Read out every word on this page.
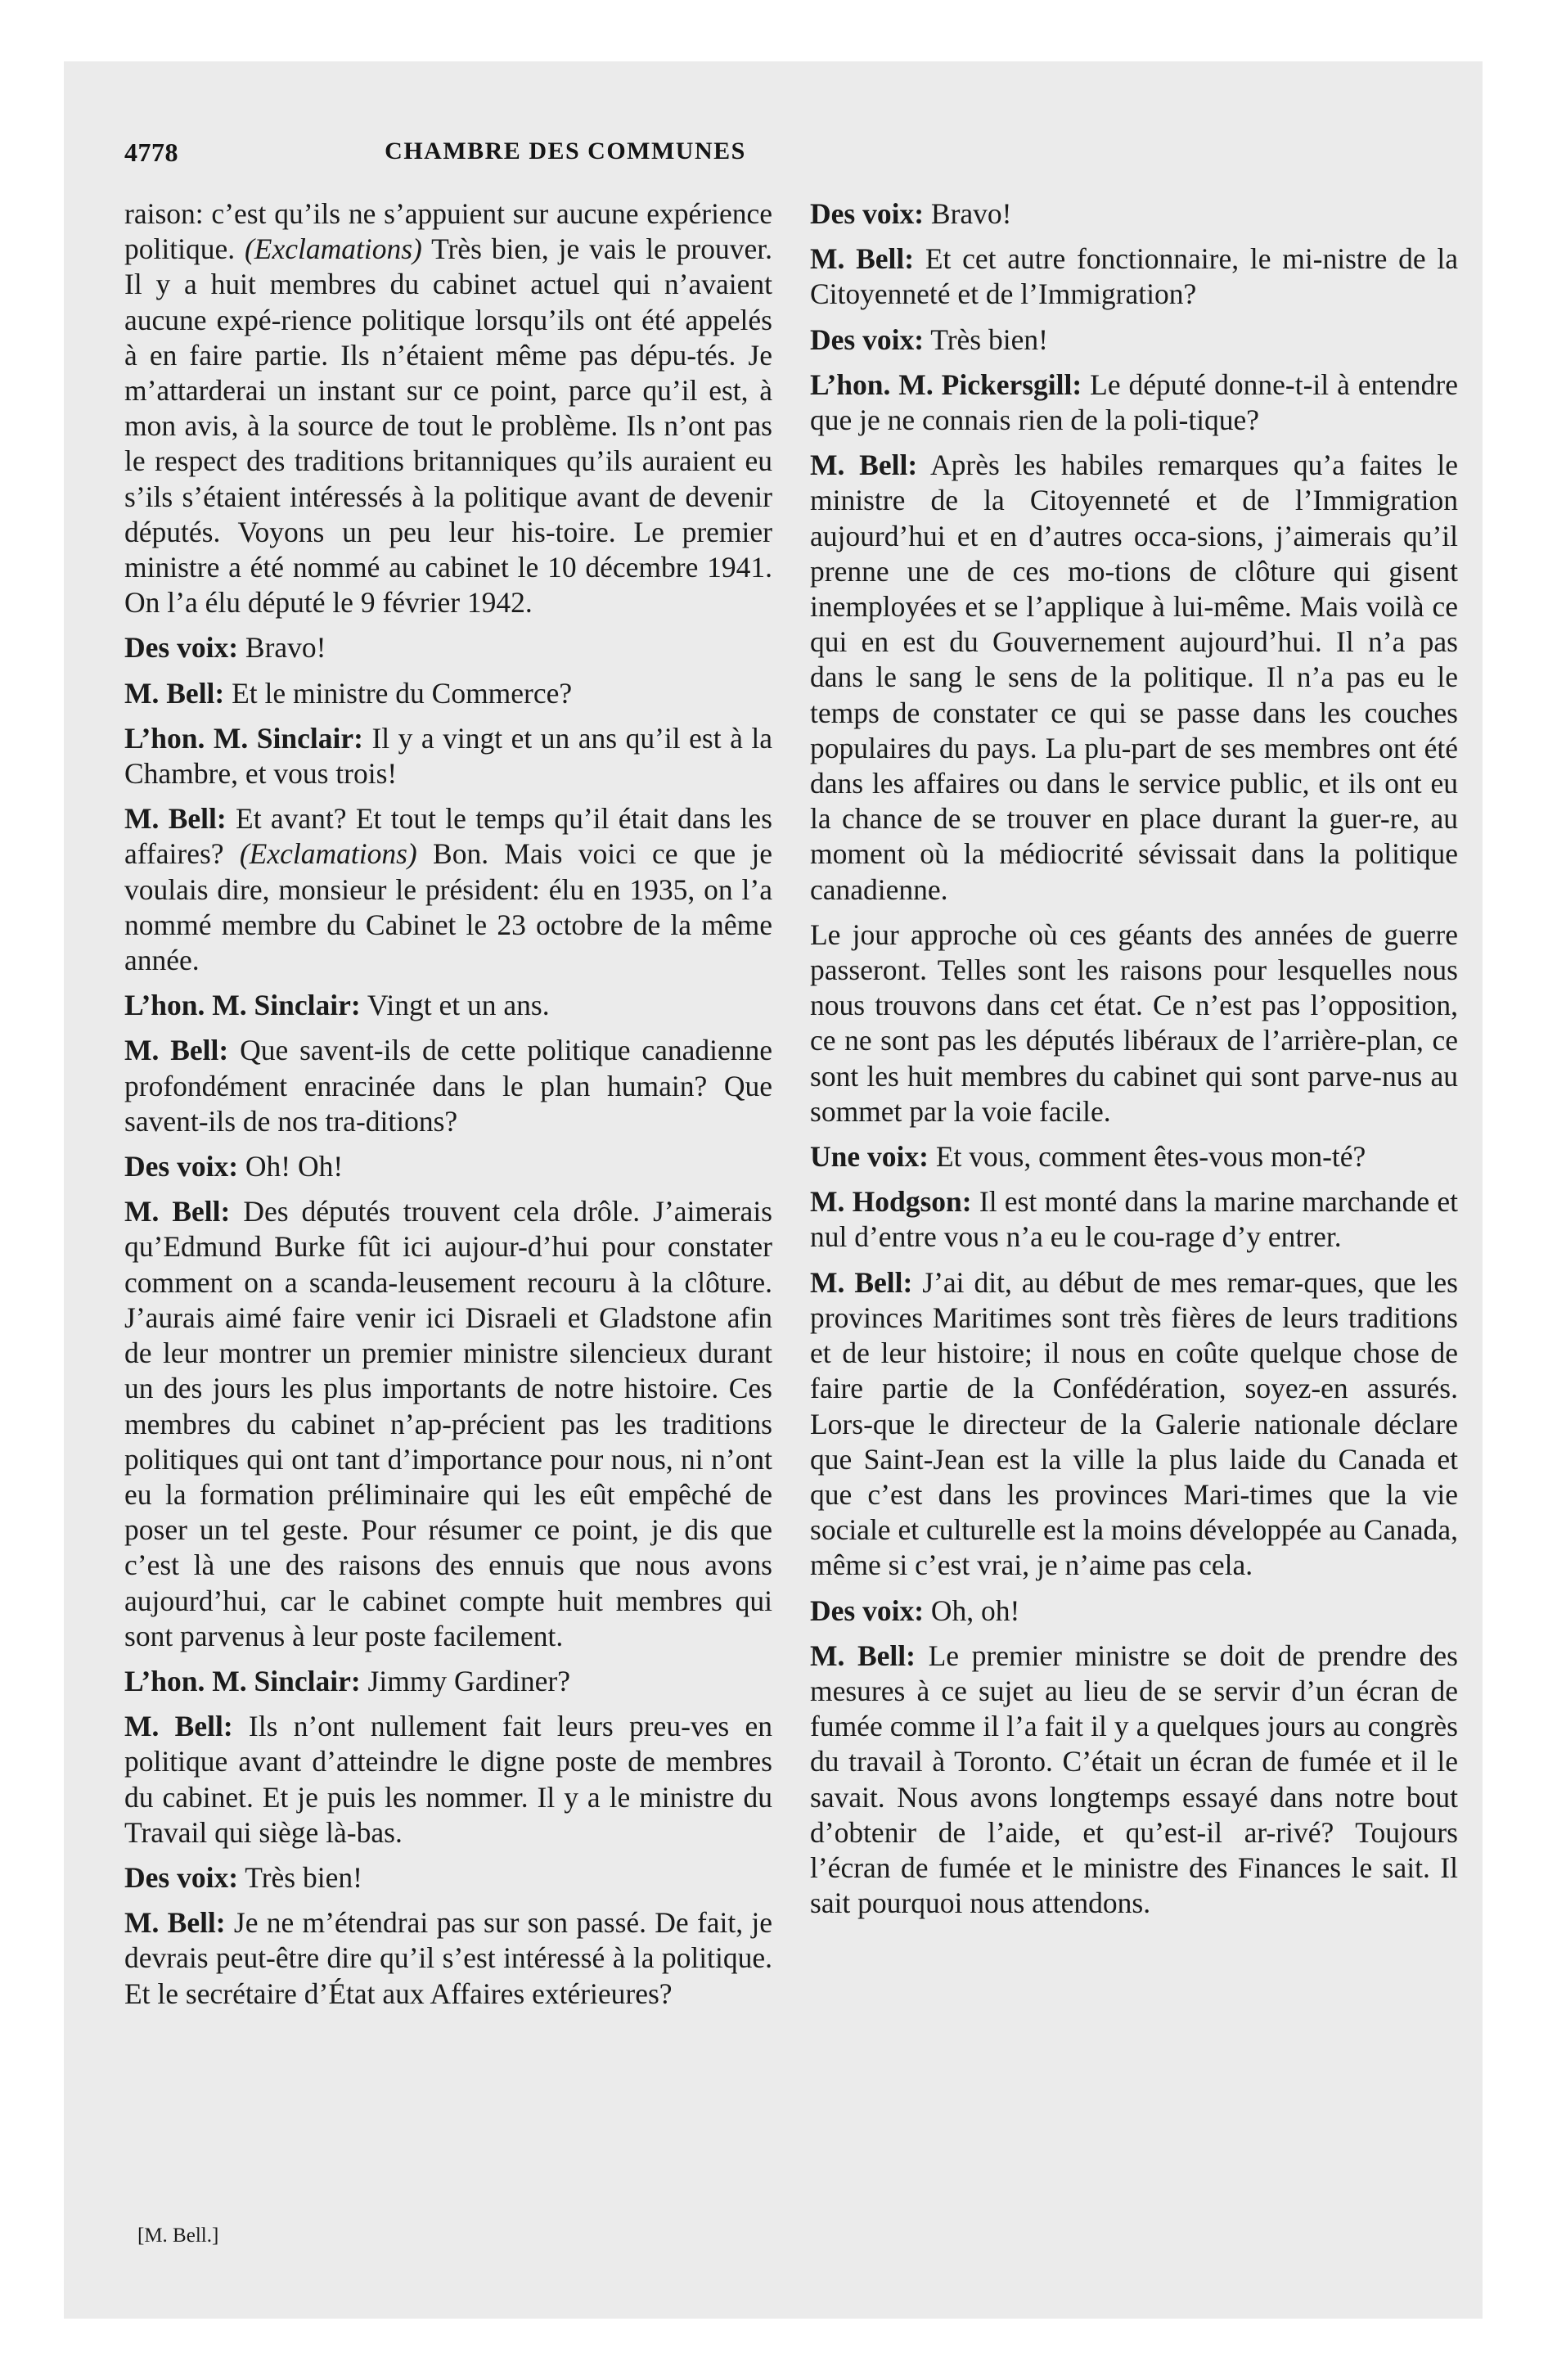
4778	CHAMBRE DES COMMUNES

raison: c’est qu’ils ne s’appuient sur aucune expérience politique. (Exclamations) Très bien, je vais le prouver. Il y a huit membres du cabinet actuel qui n’avaient aucune expé-rience politique lorsqu’ils ont été appelés à en faire partie. Ils n’étaient même pas dépu-tés. Je m’attarderai un instant sur ce point, parce qu’il est, à mon avis, à la source de tout le problème. Ils n’ont pas le respect des traditions britanniques qu’ils auraient eu s’ils s’étaient intéressés à la politique avant de devenir députés. Voyons un peu leur his-toire. Le premier ministre a été nommé au cabinet le 10 décembre 1941. On l’a élu député le 9 février 1942.

Des voix: Bravo!

M. Bell: Et le ministre du Commerce?

L’hon. M. Sinclair: Il y a vingt et un ans qu’il est à la Chambre, et vous trois!

M. Bell: Et avant? Et tout le temps qu’il était dans les affaires? (Exclamations) Bon. Mais voici ce que je voulais dire, monsieur le président: élu en 1935, on l’a nommé membre du Cabinet le 23 octobre de la même année.

L’hon. M. Sinclair: Vingt et un ans.

M. Bell: Que savent-ils de cette politique canadienne profondément enracinée dans le plan humain? Que savent-ils de nos tra-ditions?

Des voix: Oh! Oh!

M. Bell: Des députés trouvent cela drôle. J’aimerais qu’Edmund Burke fût ici aujour-d’hui pour constater comment on a scanda-leusement recouru à la clôture. J’aurais aimé faire venir ici Disraeli et Gladstone afin de leur montrer un premier ministre silencieux durant un des jours les plus importants de notre histoire. Ces membres du cabinet n’ap-précient pas les traditions politiques qui ont tant d’importance pour nous, ni n’ont eu la formation préliminaire qui les eût empêché de poser un tel geste. Pour résumer ce point, je dis que c’est là une des raisons des ennuis que nous avons aujourd’hui, car le cabinet compte huit membres qui sont parvenus à leur poste facilement.

L’hon. M. Sinclair: Jimmy Gardiner?

M. Bell: Ils n’ont nullement fait leurs preu-ves en politique avant d’atteindre le digne poste de membres du cabinet. Et je puis les nommer. Il y a le ministre du Travail qui siège là-bas.

Des voix: Très bien!

M. Bell: Je ne m’étendrai pas sur son passé. De fait, je devrais peut-être dire qu’il s’est intéressé à la politique. Et le secrétaire d’État aux Affaires extérieures?

Des voix: Bravo!

M. Bell: Et cet autre fonctionnaire, le mi-nistre de la Citoyenneté et de l’Immigration?

Des voix: Très bien!

L’hon. M. Pickersgill: Le député donne-t-il à entendre que je ne connais rien de la poli-tique?

M. Bell: Après les habiles remarques qu’a faites le ministre de la Citoyenneté et de l’Immigration aujourd’hui et en d’autres occa-sions, j’aimerais qu’il prenne une de ces mo-tions de clôture qui gisent inemployées et se l’applique à lui-même. Mais voilà ce qui en est du Gouvernement aujourd’hui. Il n’a pas dans le sang le sens de la politique. Il n’a pas eu le temps de constater ce qui se passe dans les couches populaires du pays. La plu-part de ses membres ont été dans les affaires ou dans le service public, et ils ont eu la chance de se trouver en place durant la guer-re, au moment où la médiocrité sévissait dans la politique canadienne.

Le jour approche où ces géants des années de guerre passeront. Telles sont les raisons pour lesquelles nous nous trouvons dans cet état. Ce n’est pas l’opposition, ce ne sont pas les députés libéraux de l’arrière-plan, ce sont les huit membres du cabinet qui sont parve-nus au sommet par la voie facile.

Une voix: Et vous, comment êtes-vous mon-té?

M. Hodgson: Il est monté dans la marine marchande et nul d’entre vous n’a eu le cou-rage d’y entrer.

M. Bell: J’ai dit, au début de mes remar-ques, que les provinces Maritimes sont très fières de leurs traditions et de leur histoire; il nous en coûte quelque chose de faire partie de la Confédération, soyez-en assurés. Lors-que le directeur de la Galerie nationale déclare que Saint-Jean est la ville la plus laide du Canada et que c’est dans les provinces Mari-times que la vie sociale et culturelle est la moins développée au Canada, même si c’est vrai, je n’aime pas cela.

Des voix: Oh, oh!

M. Bell: Le premier ministre se doit de prendre des mesures à ce sujet au lieu de se servir d’un écran de fumée comme il l’a fait il y a quelques jours au congrès du travail à Toronto. C’était un écran de fumée et il le savait. Nous avons longtemps essayé dans notre bout d’obtenir de l’aide, et qu’est-il ar-rivé? Toujours l’écran de fumée et le ministre des Finances le sait. Il sait pourquoi nous attendons.

[M. Bell.]
